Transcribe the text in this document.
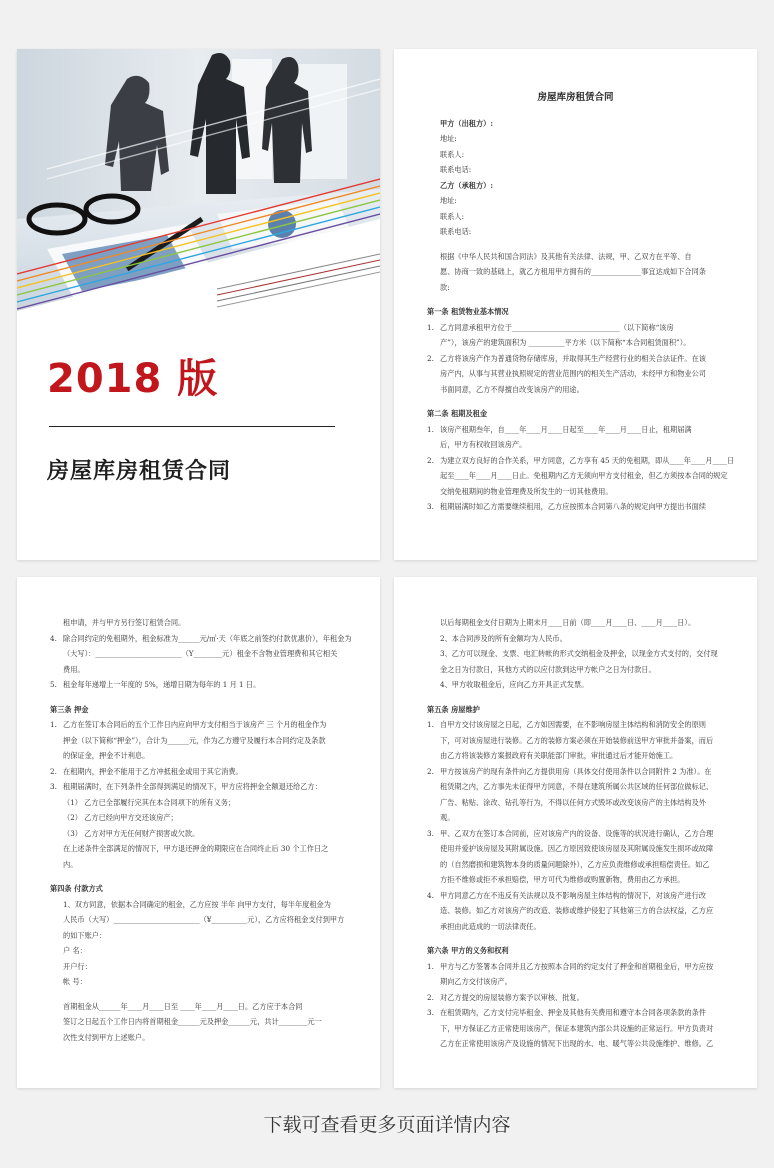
2018 版
房屋库房租赁合同
房屋库房租赁合同
甲方（出租方）:
地址:
联系人:
联系电话:
乙方（承租方）:
地址:
联系人:
联系电话:
根据《中华人民共和国合同法》及其他有关法律、法规，甲、乙双方在平等、自
愿、协商一致的基础上，就乙方租用甲方拥有的______________事宜达成如下合同条
款:
第一条 租赁物业基本情况
1. 乙方同意承租甲方位于______________________________（以下简称“该房
产”），该房产的建筑面积为 __________平方米（以下简称“本合同租赁面积”）。
2. 乙方将该房产作为普通货物存储库房，并取得其生产经营行业的相关合法证件。在该
房产内，从事与其营业执照规定的营业范围内的相关生产活动，未经甲方和物业公司
书面同意，乙方不得擅自改变该房产的用途。
第二条 租期及租金
1. 该房产租期叁年，自____年____月____日起至____年____月____日止，租期届满
后，甲方有权收回该房产。
2. 为建立双方良好的合作关系，甲方同意，乙方享有 45 天的免租期，即从____年____月____日
起至____年____月____日止。免租期内乙方无须向甲方支付租金，但乙方须按本合同的规定
交纳免租期间的物业管理费及所发生的一切其他费用。
3. 租期届满时如乙方需要继续租用，乙方应按照本合同第八条的规定向甲方提出书面续
租申请，并与甲方另行签订租赁合同。
4. 除合同约定的免租期外，租金标准为______元/㎡·天（年底之前签约付款优惠价），年租金为
（大写）：________________________（Y________元）租金不含物业管理费和其它相关
费用。
5. 租金每年递增上一年度的 5%，递增日期为每年的 1 月 1 日。
第三条 押金
1. 乙方在签订本合同后的五个工作日内应向甲方支付相当于该房产 三 个月的租金作为
押金（以下简称“押金”），合计为______元，作为乙方遵守及履行本合同约定及条款
的保证金，押金不计利息。
2. 在租期内，押金不能用于乙方冲抵租金或用于其它消费。
3. 租期届满时，在下列条件全部得到满足的情况下，甲方应将押金全额退还给乙方：
（1） 乙方已全部履行完其在本合同项下的所有义务；
（2） 乙方已经向甲方交还该房产；
（3） 乙方对甲方无任何财产损害或欠款。
在上述条件全部满足的情况下，甲方退还押金的期限应在合同终止后 30 个工作日之
内。
第四条 付款方式
1、双方同意，依据本合同确定的租金，乙方应按 半年 向甲方支付，每半年度租金为
人民币（大写）________________________（¥__________元），乙方应将租金支付到甲方
的如下账户：
户 名：
开户行：
帐 号：
首期租金从______年____月____日至 ____年____月____日。乙方应于本合同
签订之日起五个工作日内将首期租金______元及押金______元，共计________元一
次性支付到甲方上述账户。
以后每期租金支付日期为上期末月____日前（即____月____日、____月____日）。
2、本合同涉及的所有金额均为人民币。
3、乙方可以现金、支票、电汇转帐的形式交纳租金及押金，以现金方式支付的，交付现
金之日为付款日，其他方式的以应付款到达甲方帐户之日为付款日。
4、甲方收取租金后，应向乙方开具正式发票。
第五条 房屋维护
1. 自甲方交付该房屋之日起，乙方如因需要，在不影响房屋主体结构和消防安全的原则
下，可对该房屋进行装修。乙方的装修方案必须在开始装修前送甲方审批并备案，而后
由乙方将该装修方案报政府有关职能部门审批，审批通过后才能开始施工。
2. 甲方按该房产的现有条件向乙方提供用房（具体交付使用条件以合同附件 2 为准）。在
租赁期之内，乙方事先未征得甲方同意，不得在建筑所属公共区域的任何部位做标记、
广告、粘贴、涂改、钻孔等行为，不得以任何方式毁坏或改变该房产的主体结构及外
观。
3. 甲、乙双方在签订本合同前，应对该房产内的设备、设施等的状况进行确认，乙方合理
使用并爱护该房屋及其附属设施。因乙方原因致使该房屋及其附属设施发生损坏或故障
的（自然磨损和建筑物本身的质量问题除外），乙方应负责维修或承担赔偿责任。如乙
方拒不维修或拒不承担赔偿，甲方可代为维修或购置新物，费用由乙方承担。
4. 甲方同意乙方在不违反有关法规以及不影响房屋主体结构的情况下，对该房产进行改
造、装修。如乙方对该房产的改造、装修或维护侵犯了其他第三方的合法权益，乙方应
承担由此造成的一切法律责任。
第六条 甲方的义务和权利
1. 甲方与乙方签署本合同并且乙方按照本合同的约定支付了押金和首期租金后，甲方应按
期向乙方交付该房产。
2. 对乙方提交的房屋装修方案予以审核、批复。
3. 在租赁期内，乙方支付完毕租金、押金及其他有关费用和遵守本合同各项条款的条件
下，甲方保证乙方正常使用该房产，保证本建筑内部公共设施的正常运行。甲方负责对
乙方在正常使用该房产及设施的情况下出现的水、电、暖气等公共设施维护、维修。乙
下载可查看更多页面详情内容
